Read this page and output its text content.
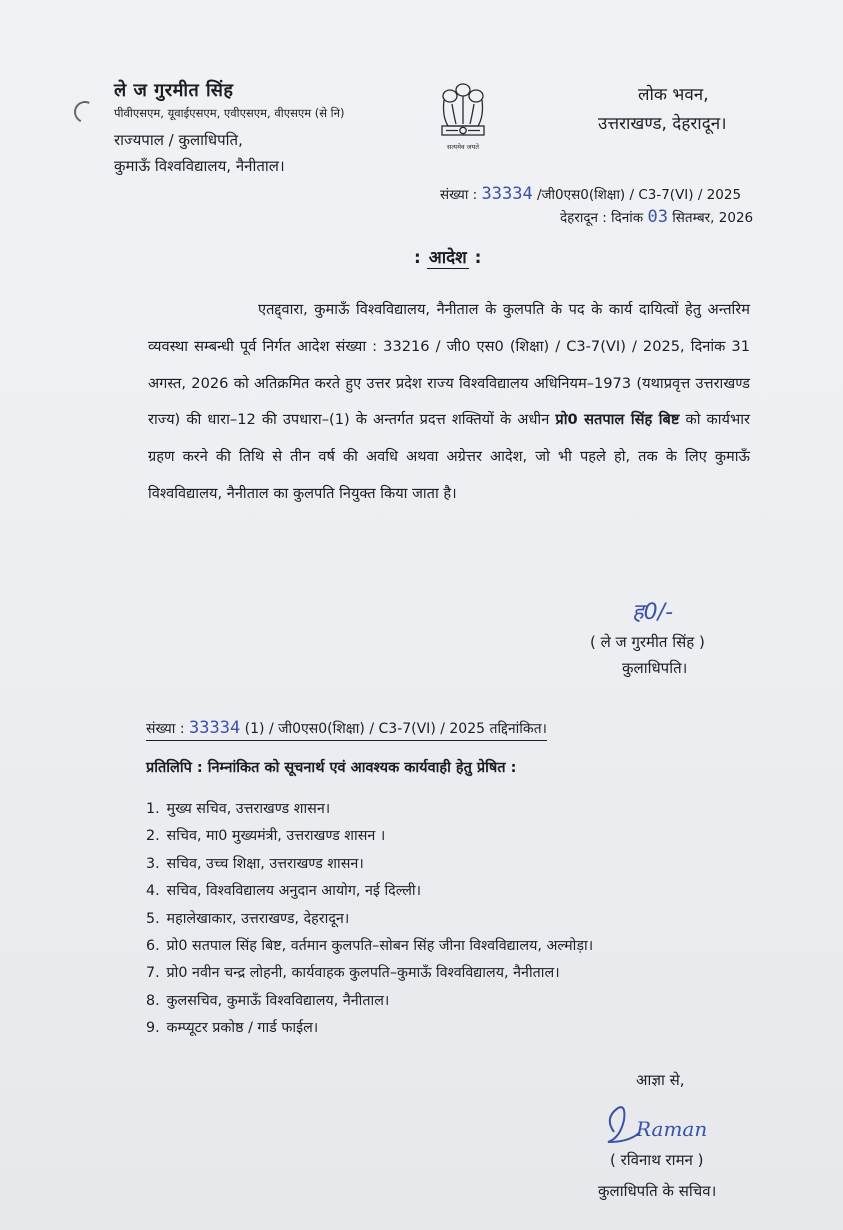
ले ज गुरमीत सिंह
पीवीएसएम, यूवाईएसएम, एवीएसएम, वीएसएम (से नि)
राज्यपाल / कुलाधिपति,
कुमाऊँ विश्वविद्यालय, नैनीताल।
सत्यमेव जयते
लोक भवन,
उत्तराखण्ड, देहरादून।
संख्या : 33334 /जी0एस0(शिक्षा) / C3-7(VI) / 2025
देहरादून : दिनांक 03 सितम्बर, 2026
: आदेश :

एतद्द्वारा, कुमाऊँ विश्वविद्यालय, नैनीताल के कुलपति के पद के कार्य दायित्वों हेतु अन्तरिम व्यवस्था सम्बन्धी पूर्व निर्गत आदेश संख्या : 33216 / जी0 एस0 (शिक्षा) / C3-7(VI) / 2025, दिनांक 31 अगस्त, 2026 को अतिक्रमित करते हुए उत्तर प्रदेश राज्य विश्वविद्यालय अधिनियम–1973 (यथाप्रवृत्त उत्तराखण्ड राज्य) की धारा–12 की उपधारा–(1) के अन्तर्गत प्रदत्त शक्तियों के अधीन प्रो0 सतपाल सिंह बिष्ट को कार्यभार ग्रहण करने की तिथि से तीन वर्ष की अवधि अथवा अग्रेत्तर आदेश, जो भी पहले हो, तक के लिए कुमाऊँ विश्वविद्यालय, नैनीताल का कुलपति नियुक्त किया जाता है।

ह0/-
( ले ज गुरमीत सिंह )
कुलाधिपति।
संख्या : 33334 (1) / जी0एस0(शिक्षा) / C3-7(VI) / 2025 तद्दिनांकित।
प्रतिलिपि : निम्नांकित को सूचनार्थ एवं आवश्यक कार्यवाही हेतु प्रेषित :
1. मुख्य सचिव, उत्तराखण्ड शासन।
2. सचिव, मा0 मुख्यमंत्री, उत्तराखण्ड शासन ।
3. सचिव, उच्च शिक्षा, उत्तराखण्ड शासन।
4. सचिव, विश्वविद्यालय अनुदान आयोग, नई दिल्ली।
5. महालेखाकार, उत्तराखण्ड, देहरादून।
6. प्रो0 सतपाल सिंह बिष्ट, वर्तमान कुलपति–सोबन सिंह जीना विश्वविद्यालय, अल्मोड़ा।
7. प्रो0 नवीन चन्द्र लोहनी, कार्यवाहक कुलपति–कुमाऊँ विश्वविद्यालय, नैनीताल।
8. कुलसचिव, कुमाऊँ विश्वविद्यालय, नैनीताल।
9. कम्प्यूटर प्रकोष्ठ / गार्ड फाईल।
आज्ञा से,
Raman
( रविनाथ रामन )
कुलाधिपति के सचिव।
